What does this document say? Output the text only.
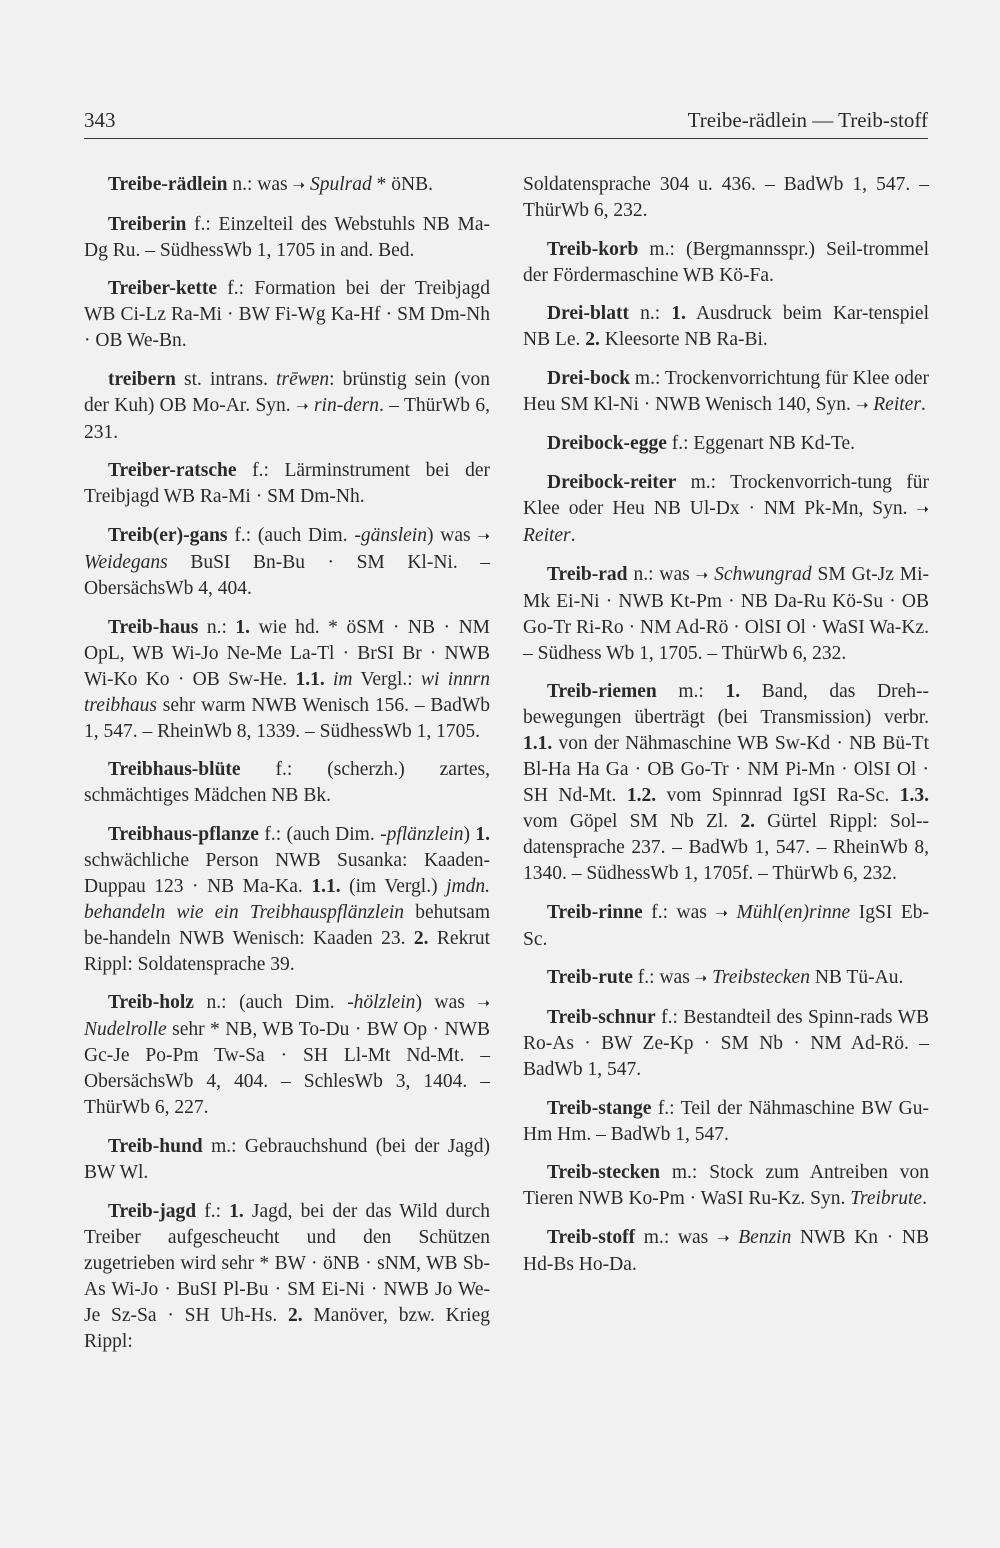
343	Treibe-rädlein — Treib-stoff

Treibe-rädlein n.: was ➝ Spulrad * öNB.

Treiberin f.: Einzelteil des Webstuhls NB Ma-Dg Ru. – SüdhessWb 1, 1705 in and. Bed.

Treiber-kette f.: Formation bei der Treibjagd WB Ci-Lz Ra-Mi · BW Fi-Wg Ka-Hf · SM Dm-Nh · OB We-Bn.

treibern st. intrans. trēwɐn: brünstig sein (von der Kuh) OB Mo-Ar. Syn. ➝ rin-dern. – ThürWb 6, 231.

Treiber-ratsche f.: Lärminstrument bei der Treibjagd WB Ra-Mi · SM Dm-Nh.

Treib(er)-gans f.: (auch Dim. -gänslein) was ➝ Weidegans BuSI Bn-Bu · SM Kl-Ni. – ObersächsWb 4, 404.

Treib-haus n.: 1. wie hd. * öSM · NB · NM OpL, WB Wi-Jo Ne-Me La-Tl · BrSI Br · NWB Wi-Ko Ko · OB Sw-He. 1.1. im Vergl.: wi innrn treibhaus sehr warm NWB Wenisch 156. – BadWb 1, 547. – RheinWb 8, 1339. – SüdhessWb 1, 1705.

Treibhaus-blüte f.: (scherzh.) zartes, schmächtiges Mädchen NB Bk.

Treibhaus-pflanze f.: (auch Dim. -pflänzlein) 1. schwächliche Person NWB Susanka: Kaaden-Duppau 123 · NB Ma-Ka. 1.1. (im Vergl.) jmdn. behandeln wie ein Treibhauspflänzlein behutsam be-handeln NWB Wenisch: Kaaden 23. 2. Rekrut Rippl: Soldatensprache 39.

Treib-holz n.: (auch Dim. -hölzlein) was ➝ Nudelrolle sehr * NB, WB To-Du · BW Op · NWB Gc-Je Po-Pm Tw-Sa · SH Ll-Mt Nd-Mt. – ObersächsWb 4, 404. – SchlesWb 3, 1404. – ThürWb 6, 227.

Treib-hund m.: Gebrauchshund (bei der Jagd) BW Wl.

Treib-jagd f.: 1. Jagd, bei der das Wild durch Treiber aufgescheucht und den Schützen zugetrieben wird sehr * BW · öNB · sNM, WB Sb-As Wi-Jo · BuSI Pl-Bu · SM Ei-Ni · NWB Jo We-Je Sz-Sa · SH Uh-Hs. 2. Manöver, bzw. Krieg Rippl:

Soldatensprache 304 u. 436. – BadWb 1, 547. – ThürWb 6, 232.

Treib-korb m.: (Bergmannsspr.) Seil-trommel der Fördermaschine WB Kö-Fa.

Drei-blatt n.: 1. Ausdruck beim Kar-tenspiel NB Le. 2. Kleesorte NB Ra-Bi.

Drei-bock m.: Trockenvorrichtung für Klee oder Heu SM Kl-Ni · NWB Wenisch 140, Syn. ➝ Reiter.

Dreibock-egge f.: Eggenart NB Kd-Te.

Dreibock-reiter m.: Trockenvorrich-tung für Klee oder Heu NB Ul-Dx · NM Pk-Mn, Syn. ➝ Reiter.

Treib-rad n.: was ➝ Schwungrad SM Gt-Jz Mi-Mk Ei-Ni · NWB Kt-Pm · NB Da-Ru Kö-Su · OB Go-Tr Ri-Ro · NM Ad-Rö · OlSI Ol · WaSI Wa-Kz. – Südhess Wb 1, 1705. – ThürWb 6, 232.

Treib-riemen m.: 1. Band, das Dreh-bewegungen überträgt (bei Transmission) verbr. 1.1. von der Nähmaschine WB Sw-Kd · NB Bü-Tt Bl-Ha Ha Ga · OB Go-Tr · NM Pi-Mn · OlSI Ol · SH Nd-Mt. 1.2. vom Spinnrad IgSI Ra-Sc. 1.3. vom Göpel SM Nb Zl. 2. Gürtel Rippl: Sol-datensprache 237. – BadWb 1, 547. – RheinWb 8, 1340. – SüdhessWb 1, 1705f. – ThürWb 6, 232.

Treib-rinne f.: was ➝ Mühl(en)rinne IgSI Eb-Sc.

Treib-rute f.: was ➝ Treibstecken NB Tü-Au.

Treib-schnur f.: Bestandteil des Spinn-rads WB Ro-As · BW Ze-Kp · SM Nb · NM Ad-Rö. – BadWb 1, 547.

Treib-stange f.: Teil der Nähmaschine BW Gu-Hm Hm. – BadWb 1, 547.

Treib-stecken m.: Stock zum Antreiben von Tieren NWB Ko-Pm · WaSI Ru-Kz. Syn. Treibrute.

Treib-stoff m.: was ➝ Benzin NWB Kn · NB Hd-Bs Ho-Da.
